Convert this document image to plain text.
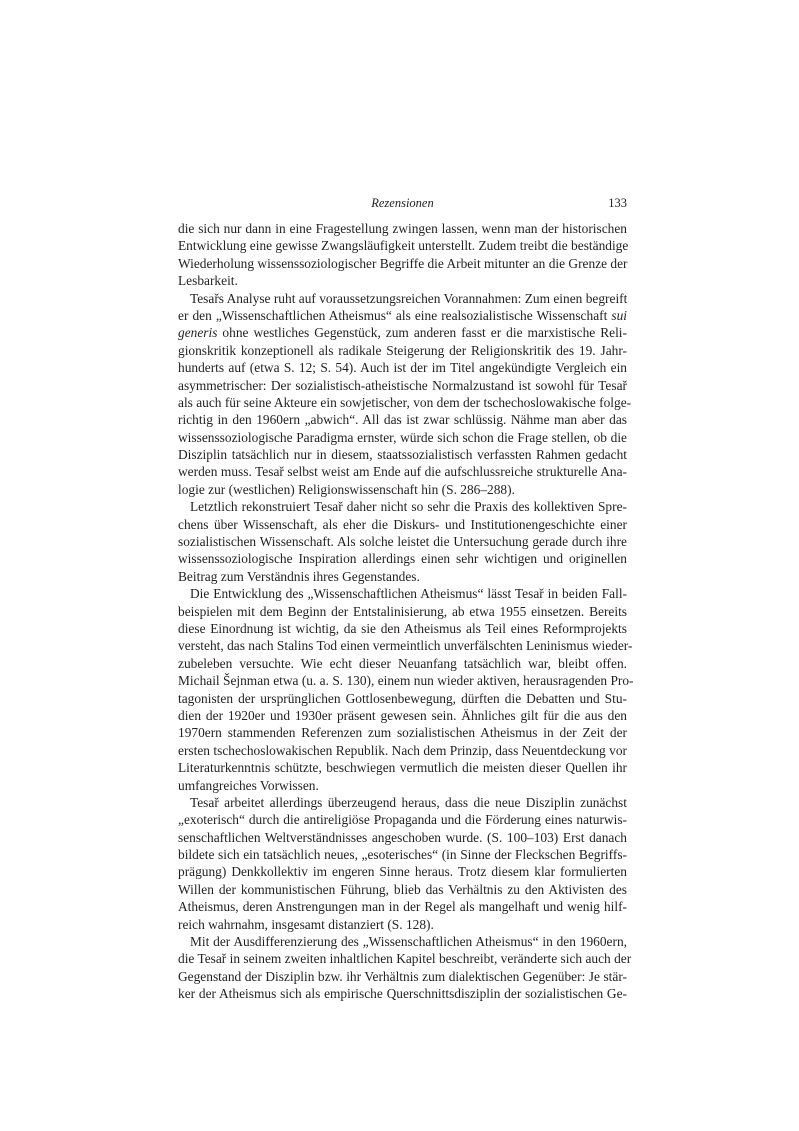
Rezensionen	133
die sich nur dann in eine Fragestellung zwingen lassen, wenn man der historischen
Entwicklung eine gewisse Zwangsläufigkeit unterstellt. Zudem treibt die beständige
Wiederholung wissenssoziologischer Begriffe die Arbeit mitunter an die Grenze der
Lesbarkeit.
Tesařs Analyse ruht auf voraussetzungsreichen Vorannahmen: Zum einen begreift
er den „Wissenschaftlichen Atheismus“ als eine realsozialistische Wissenschaft sui
generis ohne westliches Gegenstück, zum anderen fasst er die marxistische Reli-
gionskritik konzeptionell als radikale Steigerung der Religionskritik des 19. Jahr-
hunderts auf (etwa S. 12; S. 54). Auch ist der im Titel angekündigte Vergleich ein
asymmetrischer: Der sozialistisch-atheistische Normalzustand ist sowohl für Tesař
als auch für seine Akteure ein sowjetischer, von dem der tschechoslowakische folge-
richtig in den 1960ern „abwich“. All das ist zwar schlüssig. Nähme man aber das
wissenssoziologische Paradigma ernster, würde sich schon die Frage stellen, ob die
Disziplin tatsächlich nur in diesem, staatssozialistisch verfassten Rahmen gedacht
werden muss. Tesař selbst weist am Ende auf die aufschlussreiche strukturelle Ana-
logie zur (westlichen) Religionswissenschaft hin (S. 286–288).
Letztlich rekonstruiert Tesař daher nicht so sehr die Praxis des kollektiven Spre-
chens über Wissenschaft, als eher die Diskurs- und Institutionengeschichte einer
sozialistischen Wissenschaft. Als solche leistet die Untersuchung gerade durch ihre
wissenssoziologische Inspiration allerdings einen sehr wichtigen und originellen
Beitrag zum Verständnis ihres Gegenstandes.
Die Entwicklung des „Wissenschaftlichen Atheismus“ lässt Tesař in beiden Fall-
beispielen mit dem Beginn der Entstalinisierung, ab etwa 1955 einsetzen. Bereits
diese Einordnung ist wichtig, da sie den Atheismus als Teil eines Reformprojekts
versteht, das nach Stalins Tod einen vermeintlich unverfälschten Leninismus wieder-
zubeleben versuchte. Wie echt dieser Neuanfang tatsächlich war, bleibt offen.
Michail Šejnman etwa (u. a. S. 130), einem nun wieder aktiven, herausragenden Pro-
tagonisten der ursprünglichen Gottlosenbewegung, dürften die Debatten und Stu-
dien der 1920er und 1930er präsent gewesen sein. Ähnliches gilt für die aus den
1970ern stammenden Referenzen zum sozialistischen Atheismus in der Zeit der
ersten tschechoslowakischen Republik. Nach dem Prinzip, dass Neuentdeckung vor
Literaturkenntnis schützte, beschwiegen vermutlich die meisten dieser Quellen ihr
umfangreiches Vorwissen.
Tesař arbeitet allerdings überzeugend heraus, dass die neue Disziplin zunächst
„exoterisch“ durch die antireligiöse Propaganda und die Förderung eines naturwis-
senschaftlichen Weltverständnisses angeschoben wurde. (S. 100–103) Erst danach
bildete sich ein tatsächlich neues, „esoterisches“ (in Sinne der Fleckschen Begriffs-
prägung) Denkkollektiv im engeren Sinne heraus. Trotz diesem klar formulierten
Willen der kommunistischen Führung, blieb das Verhältnis zu den Aktivisten des
Atheismus, deren Anstrengungen man in der Regel als mangelhaft und wenig hilf-
reich wahrnahm, insgesamt distanziert (S. 128).
Mit der Ausdifferenzierung des „Wissenschaftlichen Atheismus“ in den 1960ern,
die Tesař in seinem zweiten inhaltlichen Kapitel beschreibt, veränderte sich auch der
Gegenstand der Disziplin bzw. ihr Verhältnis zum dialektischen Gegenüber: Je stär-
ker der Atheismus sich als empirische Querschnittsdisziplin der sozialistischen Ge-
